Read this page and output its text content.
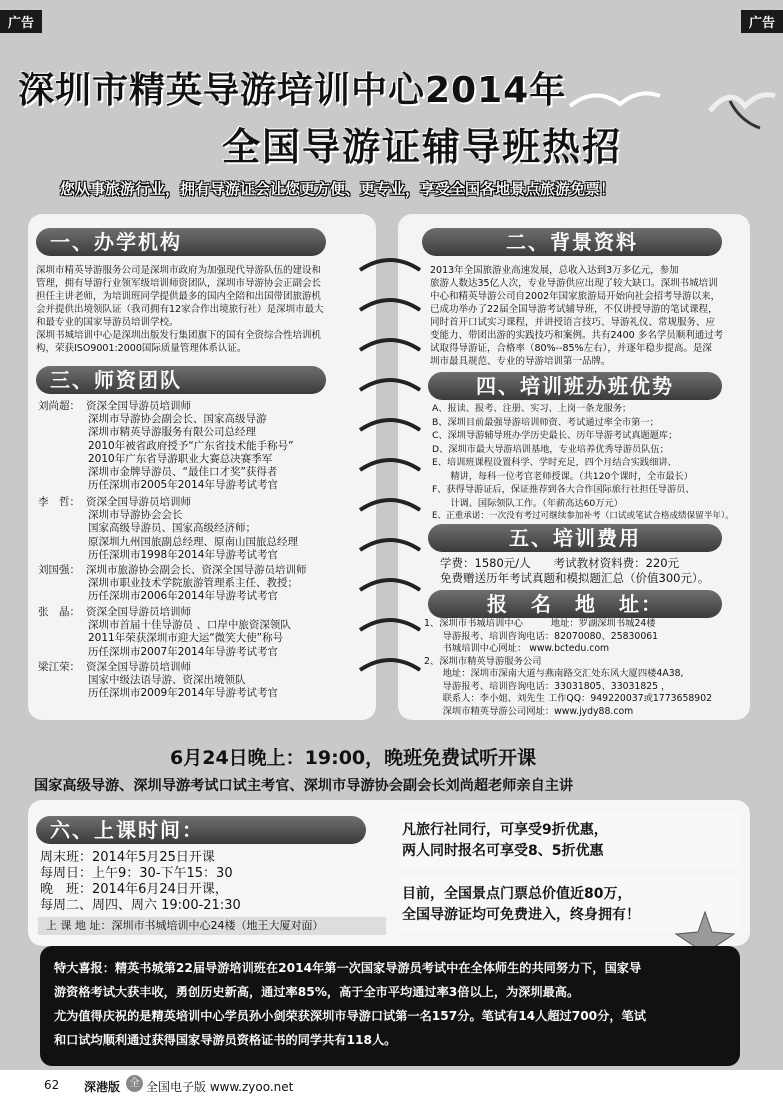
广告	广告
深圳市精英导游培训中心2014年
全国导游证辅导班热招
您从事旅游行业，拥有导游证会让您更方便、更专业，享受全国各地景点旅游免票！
一、办学机构
深圳市精英导游服务公司是深圳市政府为加强现代导游队伍的建设和
管理，拥有导游行业领军级培训师资团队，深圳市导游协会正副会长
担任主讲老师，为培训班同学提供最多的国内全陪和出国带团旅游机
会并提供出境领队证（我司拥有12家合作出境旅行社）是深圳市最大
和最专业的国家导游员培训学校。
深圳书城培训中心是深圳出版发行集团旗下的国有全资综合性培训机
构，荣获ISO9001:2000国际质量管理体系认证。
二、背景资料
2013年全国旅游业高速发展，总收入达到3万多亿元，参加
旅游人数达35亿人次，专业导游供应出现了较大缺口。深圳书城培训
中心和精英导游公司自2002年国家旅游局开始向社会招考导游以来，
已成功举办了22届全国导游考试辅导班，不仅讲授导游的笔试课程，
同时首开口试实习课程，并讲授语言技巧、导游礼仪、常规服务、应
变能力、带团出游的实践技巧和案例。共有2400 多名学员顺利通过考
试取得导游证，合格率（80%--85%左右），并逐年稳步提高。是深
圳市最具规范、专业的导游培训第一品牌。
三、师资团队
刘尚超： 资深全国导游员培训师
深圳市导游协会副会长、国家高级导游
深圳市精英导游服务有限公司总经理
2010年被省政府授予“广东省技术能手称号”
2010年广东省导游职业大赛总决赛季军
深圳市金牌导游员、“最佳口才奖”获得者
历任深圳市2005年2014年导游考试考官
李　哲： 资深全国导游员培训师
深圳市导游协会会长
国家高级导游员、国家高级经济师；
原深圳九州国旅副总经理、原南山国旅总经理
历任深圳市1998年2014年导游考试考官
刘国强： 深圳市旅游协会副会长、资深全国导游员培训师
深圳市职业技术学院旅游管理系主任、教授；
历任深圳市2006年2014年导游考试考官
张　晶： 资深全国导游员培训师
深圳市首届十佳导游员 、口岸中旅资深领队
2011年荣获深圳市迎大运“微笑大使”称号
历任深圳市2007年2014年导游考试考官
梁江荣： 资深全国导游员培训师
国家中级法语导游、资深出境领队
历任深圳市2009年2014年导游考试考官
四、培训班办班优势
A、报读、报考、注册、实习、上岗一条龙服务；
B、深圳目前最强导游培训师资、考试通过率全市第一；
C、深圳导游辅导班办学历史最长、历年导游考试真题题库；
D、深圳市最大导游培训基地，专业培养优秀导游员队伍；
E、培训班课程设置科学、学时充足，四个月结合实践细讲、
　　精讲，每科一位考官老师授课。（共120个课时，全市最长）
F、获得导游证后，保证推荐到各大合作国际旅行社担任导游员、
　　计调、国际领队工作。（年薪高达60万元）
E、正重承诺：一次没有考过可继续参加补考（口试或笔试合格成绩保留半年）。
五、培训费用
学费：1580元/人　　考试教材资料费：220元
免费赠送历年考试真题和模拟题汇总（价值300元）。
报　名　地　址：
1、深圳市书城培训中心　　　地址：罗湖深圳书城24楼
　　导游报考、培训咨询电话：82070080、25830061
　　书城培训中心网址： www.bctedu.com
2、深圳市精英导游服务公司
　　地址：深圳市深南大道与燕南路交汇处东风大厦四楼4A38,
　　导游报考、培训咨询电话：33031805、33031825 ，
　　联系人：李小姐、刘先生 工作QQ：949220037或1773658902
　　深圳市精英导游公司网址：www.jydy88.com
6月24日晚上：19:00，晚班免费试听开课
国家高级导游、深圳导游考试口试主考官、深圳市导游协会副会长刘尚超老师亲自主讲
六、上课时间：
周末班：2014年5月25日开课
每周日：上午9：30-下午15：30
晚　班：2014年6月24日开课，
每周二、周四、周六 19:00-21:30
上 课 地 址：深圳市书城培训中心24楼（地王大厦对面）
凡旅行社同行，可享受9折优惠，
两人同时报名可享受8、5折优惠
目前，全国景点门票总价值近80万，
全国导游证均可免费进入，终身拥有！

特大喜报：精英书城第22届导游培训班在2014年第一次国家导游员考试中在全体师生的共同努力下，国家导

游资格考试大获丰收，勇创历史新高，通过率85%，高于全市平均通过率3倍以上，为深圳最高。

尤为值得庆祝的是精英培训中心学员孙小剑荣获深圳市导游口试第一名157分。笔试有14人超过700分，笔试

和口试均顺利通过获得国家导游员资格证书的同学共有118人。

62 深港版 全 全国电子版 www.zyoo.net
